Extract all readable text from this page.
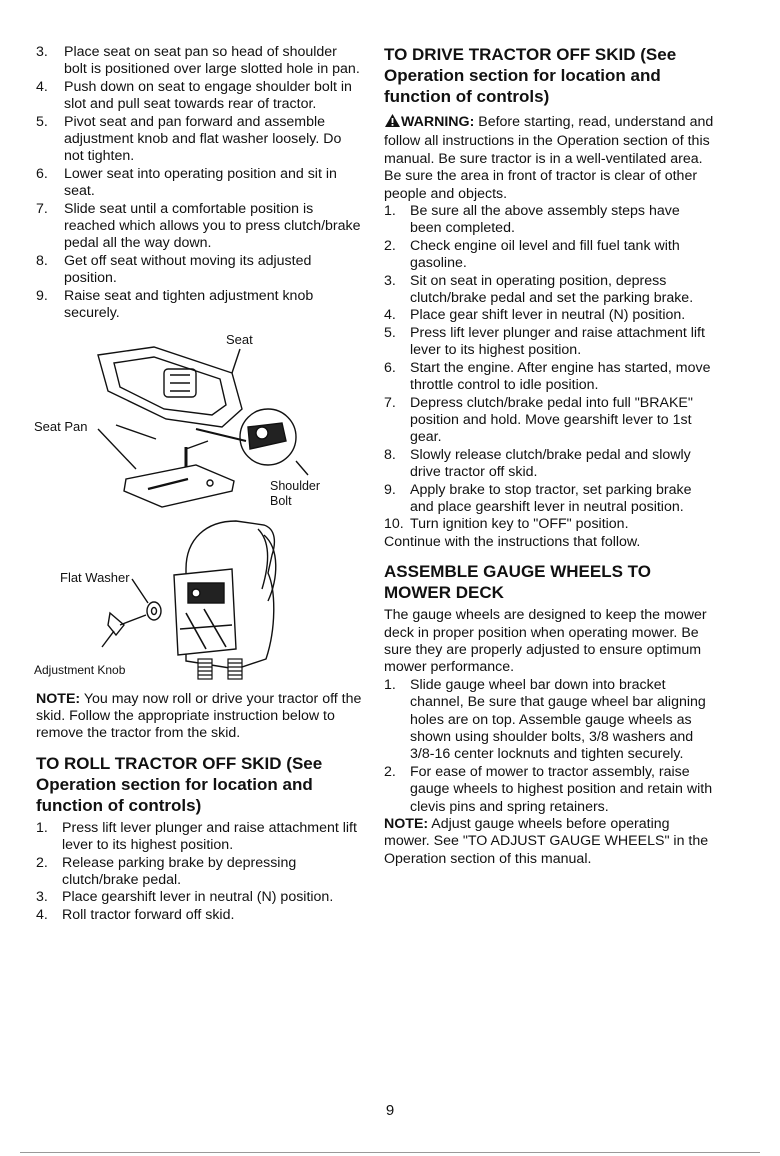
3. Place seat on seat pan so head of shoulder bolt is positioned over large slotted hole in pan.
4. Push down on seat to engage shoulder bolt in slot and pull seat towards rear of tractor.
5. Pivot seat and pan forward and assemble adjustment knob and flat washer loosely. Do not tighten.
6. Lower seat into operating position and sit in seat.
7. Slide seat until a comfortable position is reached which allows you to press clutch/brake pedal all the way down.
8. Get off seat without moving its adjusted position.
9. Raise seat and tighten adjustment knob securely.
Seat
Seat Pan
Shoulder Bolt
Flat Washer
Adjustment Knob

NOTE: You may now roll or drive your tractor off the skid. Follow the appropriate instruction below to remove the tractor from the skid.

TO ROLL TRACTOR OFF SKID (See Operation section for location and function of controls)
1. Press lift lever plunger and raise attachment lift lever to its highest position.
2. Release parking brake by depressing clutch/brake pedal.
3. Place gearshift lever in neutral (N) position.
4. Roll tractor forward off skid.
TO DRIVE TRACTOR OFF SKID (See Operation section for location and function of controls)

WARNING: Before starting, read, understand and follow all instructions in the Operation section of this manual. Be sure tractor is in a well-ventilated area. Be sure the area in front of tractor is clear of other people and objects.

1. Be sure all the above assembly steps have been completed.
2. Check engine oil level and fill fuel tank with gasoline.
3. Sit on seat in operating position, depress clutch/brake pedal and set the parking brake.
4. Place gear shift lever in neutral (N) position.
5. Press lift lever plunger and raise attachment lift lever to its highest position.
6. Start the engine. After engine has started, move throttle control to idle position.
7. Depress clutch/brake pedal into full "BRAKE" position and hold. Move gearshift lever to 1st gear.
8. Slowly release clutch/brake pedal and slowly drive tractor off skid.
9. Apply brake to stop tractor, set parking brake and place gearshift lever in neutral position.
10. Turn ignition key to "OFF" position.

Continue with the instructions that follow.

ASSEMBLE GAUGE WHEELS TO MOWER DECK

The gauge wheels are designed to keep the mower deck in proper position when operating mower. Be sure they are properly adjusted to ensure optimum mower performance.

1. Slide gauge wheel bar down into bracket channel, Be sure that gauge wheel bar aligning holes are on top. Assemble gauge wheels as shown using shoulder bolts, 3/8 washers and 3/8-16 center locknuts and tighten securely.
2. For ease of mower to tractor assembly, raise gauge wheels to highest position and retain with clevis pins and spring retainers.

NOTE: Adjust gauge wheels before operating mower. See "TO ADJUST GAUGE WHEELS" in the Operation section of this manual.

9
